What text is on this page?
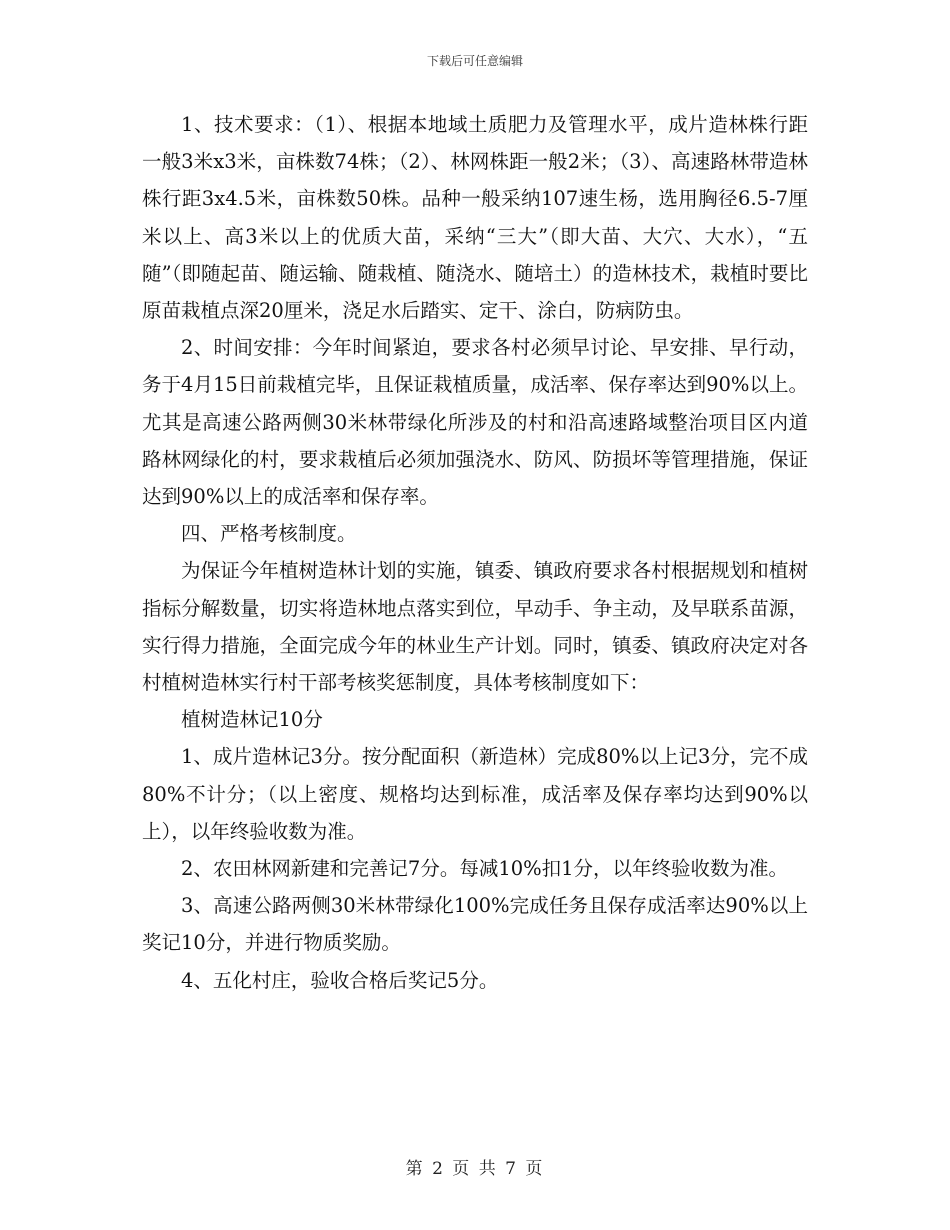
下载后可任意编辑

1、技术要求：（1）、根据本地域土质肥力及管理水平，成片造林株行距一般3米x3米，亩株数74株；（2）、林网株距一般2米；（3）、高速路林带造林株行距3x4.5米，亩株数50株。品种一般采纳107速生杨，选用胸径6.5-7厘米以上、高3米以上的优质大苗，采纳“三大”（即大苗、大穴、大水），“五随”（即随起苗、随运输、随栽植、随浇水、随培土）的造林技术，栽植时要比原苗栽植点深20厘米，浇足水后踏实、定干、涂白，防病防虫。

2、时间安排：今年时间紧迫，要求各村必须早讨论、早安排、早行动，务于4月15日前栽植完毕，且保证栽植质量，成活率、保存率达到90%以上。尤其是高速公路两侧30米林带绿化所涉及的村和沿高速路域整治项目区内道路林网绿化的村，要求栽植后必须加强浇水、防风、防损坏等管理措施，保证达到90%以上的成活率和保存率。

四、严格考核制度。

为保证今年植树造林计划的实施，镇委、镇政府要求各村根据规划和植树指标分解数量，切实将造林地点落实到位，早动手、争主动，及早联系苗源，实行得力措施，全面完成今年的林业生产计划。同时，镇委、镇政府决定对各村植树造林实行村干部考核奖惩制度，具体考核制度如下：

植树造林记10分

1、成片造林记3分。按分配面积（新造林）完成80%以上记3分，完不成80%不计分；（以上密度、规格均达到标准，成活率及保存率均达到90%以上），以年终验收数为准。

2、农田林网新建和完善记7分。每减10%扣1分，以年终验收数为准。

3、高速公路两侧30米林带绿化100%完成任务且保存成活率达90%以上奖记10分，并进行物质奖励。

4、五化村庄，验收合格后奖记5分。

第 2 页 共 7 页
